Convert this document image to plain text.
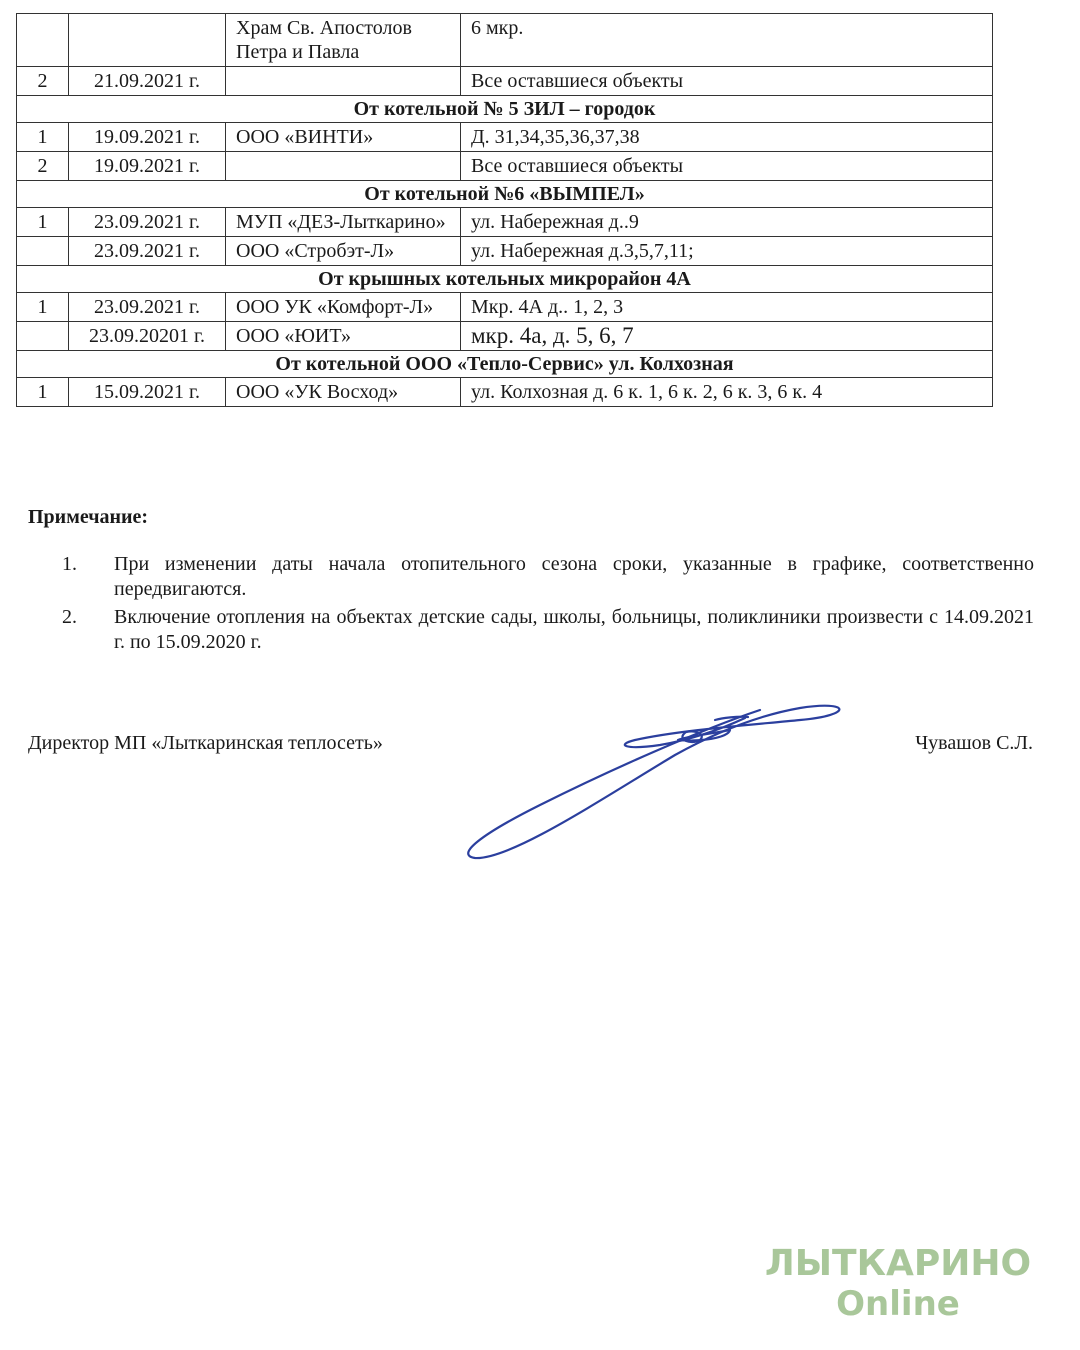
		Храм Св. Апостолов Петра и Павла	6 мкр.
2	21.09.2021 г.		Все оставшиеся объекты
От котельной № 5 ЗИЛ – городок			
1	19.09.2021 г.	ООО «ВИНТИ»	Д. 31,34,35,36,37,38
2	19.09.2021 г.		Все оставшиеся объекты
От котельной №6 «ВЫМПЕЛ»			
1	23.09.2021 г.	МУП «ДЕЗ-Лыткарино»	ул. Набережная д..9
	23.09.2021 г.	ООО «Стробэт-Л»	ул. Набережная д.3,5,7,11;
От крышных котельных микрорайон 4А			
1	23.09.2021 г.	ООО УК «Комфорт-Л»	Мкр. 4А д.. 1, 2, 3
	23.09.20201 г.	ООО «ЮИТ»	мкр. 4а, д. 5, 6, 7
От котельной ООО «Тепло-Сервис» ул. Колхозная			
1	15.09.2021 г.	ООО «УК Восход»	ул. Колхозная д. 6 к. 1, 6 к. 2, 6 к. 3, 6 к. 4
Примечание:
1. При изменении даты начала отопительного сезона сроки, указанные в графике, соответственно передвигаются.
2. Включение отопления на объектах детские сады, школы, больницы, поликлиники произвести с 14.09.2021 г. по 15.09.2020 г.
Директор МП «Лыткаринская теплосеть»	Чувашов С.Л.
ЛЫТКАРИНО
Online
